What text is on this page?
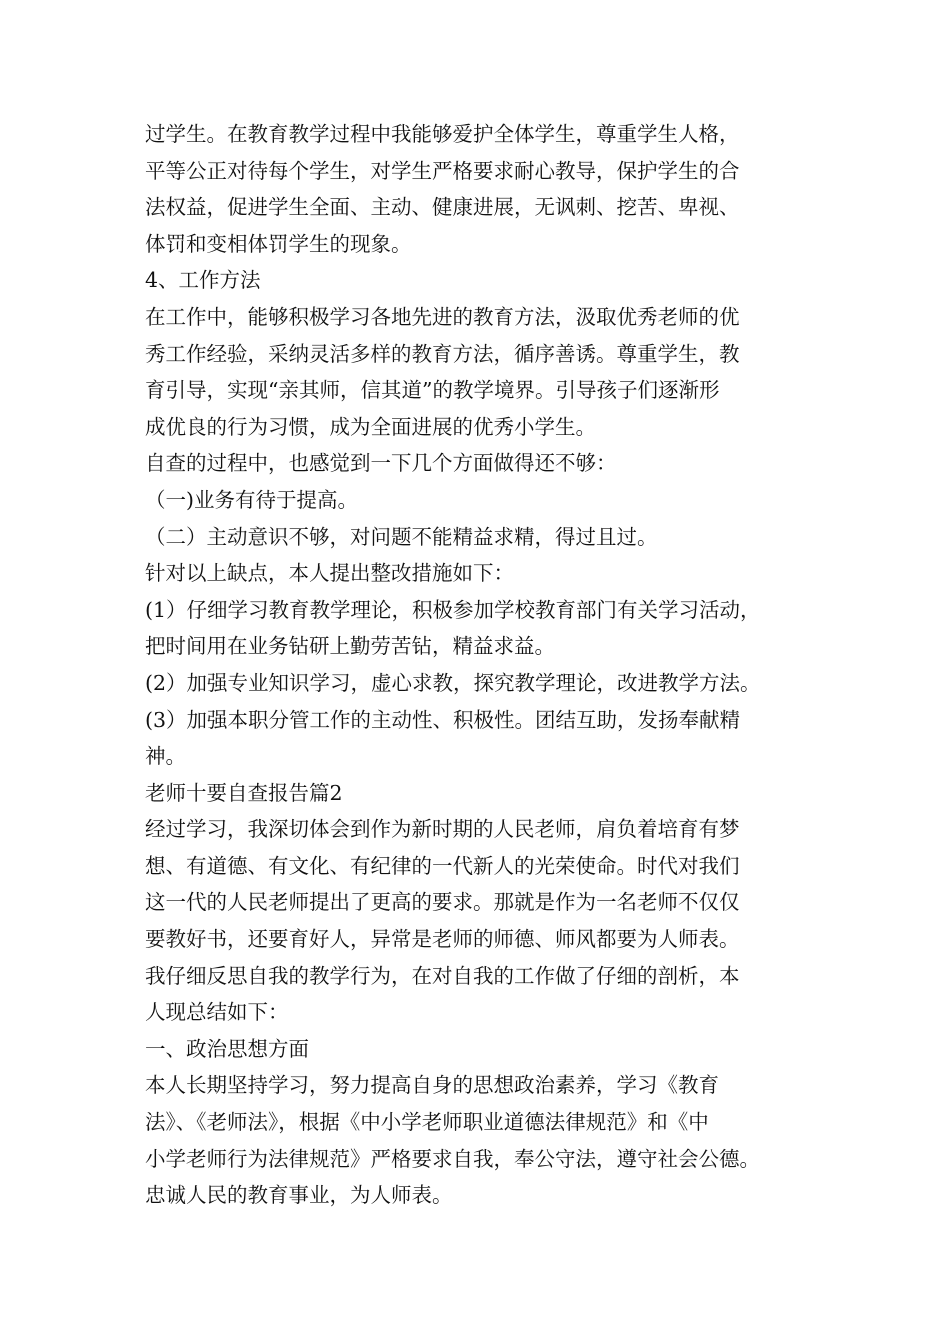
过学生。在教育教学过程中我能够爱护全体学生，尊重学生人格，
平等公正对待每个学生，对学生严格要求耐心教导，保护学生的合
法权益，促进学生全面、主动、健康进展，无讽刺、挖苦、卑视、
体罚和变相体罚学生的现象。
4、工作方法
在工作中，能够积极学习各地先进的教育方法，汲取优秀老师的优
秀工作经验，采纳灵活多样的教育方法，循序善诱。尊重学生，教
育引导，实现“亲其师，信其道”的教学境界。引导孩子们逐渐形
成优良的行为习惯，成为全面进展的优秀小学生。
自查的过程中，也感觉到一下几个方面做得还不够：
（一)业务有待于提高。
（二）主动意识不够，对问题不能精益求精，得过且过。
针对以上缺点，本人提出整改措施如下：
(1）仔细学习教育教学理论，积极参加学校教育部门有关学习活动，
把时间用在业务钻研上勤劳苦钻，精益求益。
(2）加强专业知识学习，虚心求教，探究教学理论，改进教学方法。
(3）加强本职分管工作的主动性、积极性。团结互助，发扬奉献精
神。
老师十要自查报告篇2
经过学习，我深切体会到作为新时期的人民老师，肩负着培育有梦
想、有道德、有文化、有纪律的一代新人的光荣使命。时代对我们
这一代的人民老师提出了更高的要求。那就是作为一名老师不仅仅
要教好书，还要育好人，异常是老师的师德、师风都要为人师表。
我仔细反思自我的教学行为，在对自我的工作做了仔细的剖析，本
人现总结如下：
一、政治思想方面
本人长期坚持学习，努力提高自身的思想政治素养，学习《教育
法》、《老师法》，根据《中小学老师职业道德法律规范》和《中
小学老师行为法律规范》严格要求自我，奉公守法，遵守社会公德。
忠诚人民的教育事业，为人师表。
